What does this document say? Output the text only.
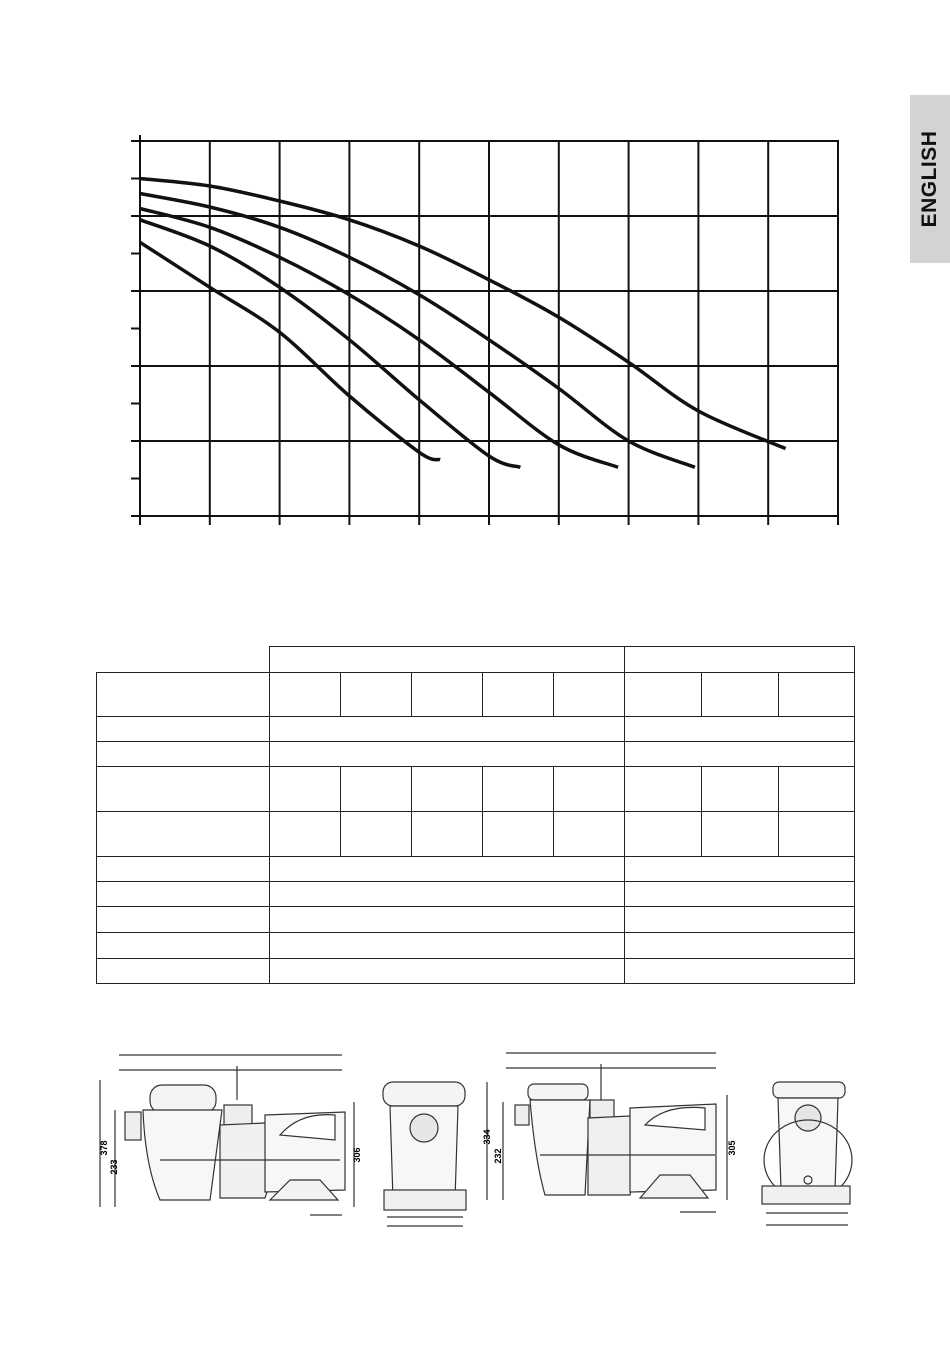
ENGLISH

378
233
306
334
232
305
